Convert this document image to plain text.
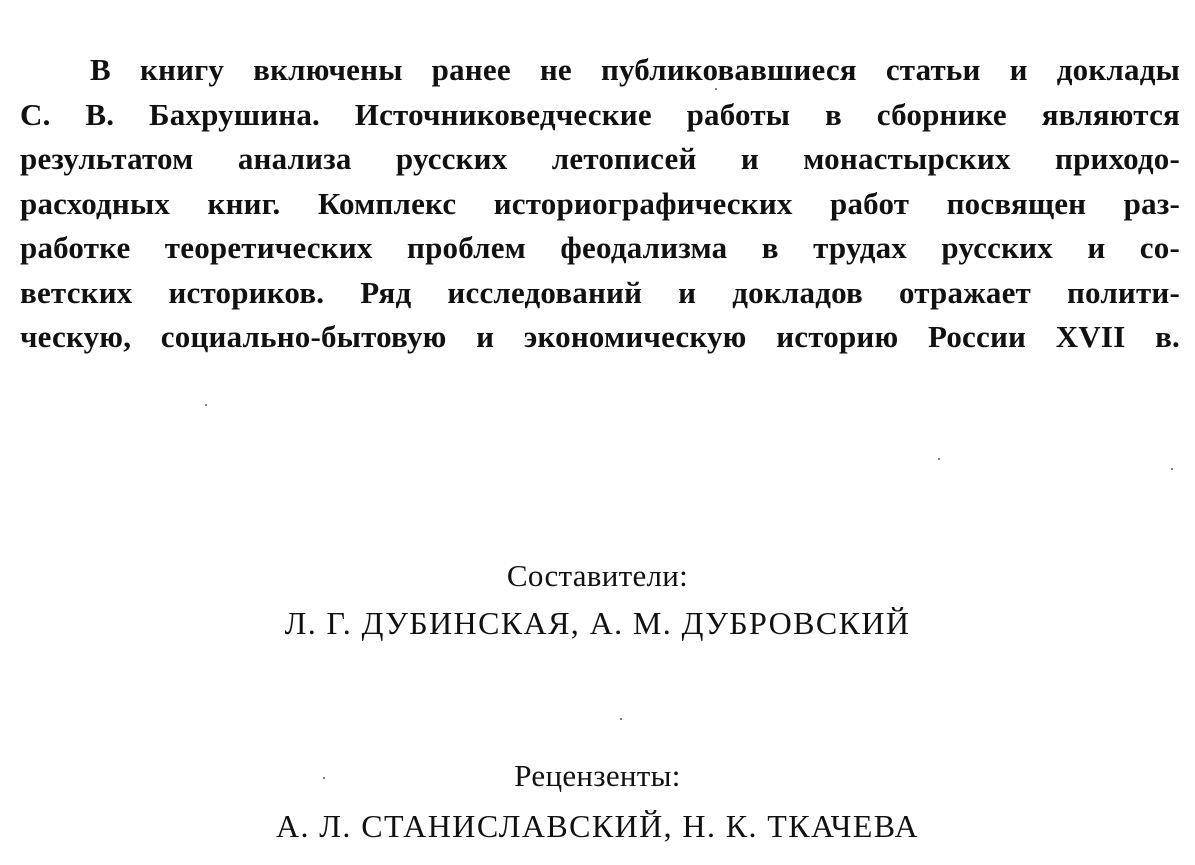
В книгу включены ранее не публиковавшиеся статьи и доклады
С. В. Бахрушина. Источниковедческие работы в сборнике являются
результатом анализа русских летописей и монастырских приходо-
расходных книг. Комплекс историографических работ посвящен раз-
работке теоретических проблем феодализма в трудах русских и со-
ветских историков. Ряд исследований и докладов отражает полити-
ческую, социально-бытовую и экономическую историю России XVII в.
Составители:
Л. Г. ДУБИНСКАЯ, А. М. ДУБРОВСКИЙ
Рецензенты:
А. Л. СТАНИСЛАВСКИЙ, Н. К. ТКАЧЕВА
